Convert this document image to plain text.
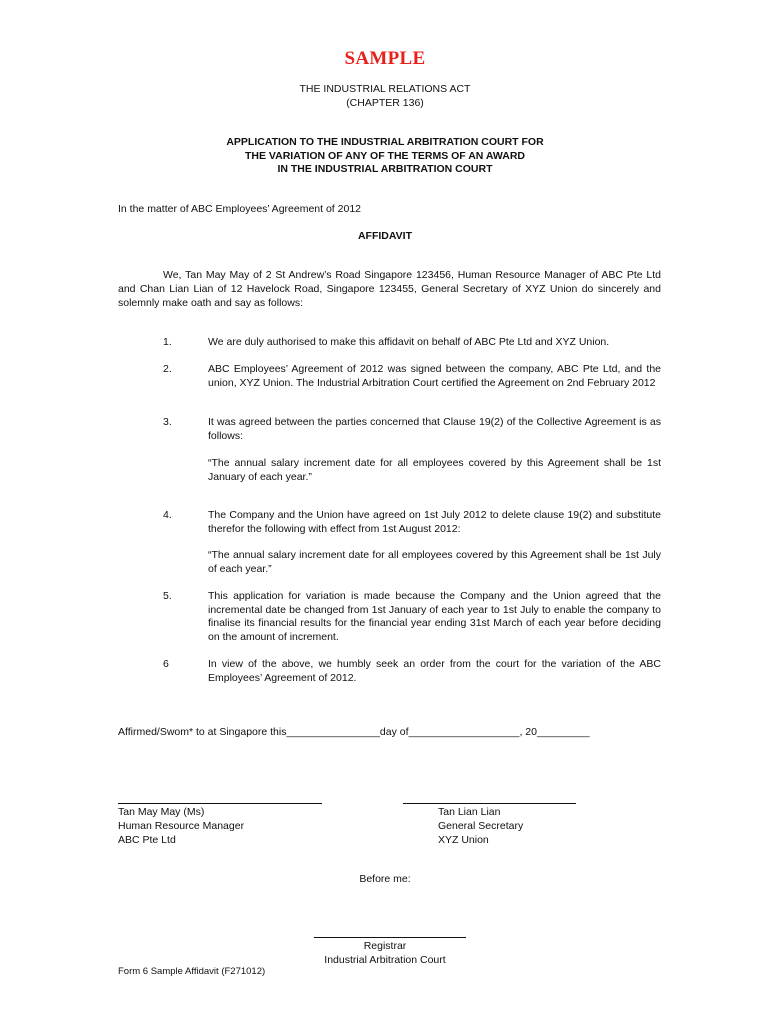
SAMPLE
THE INDUSTRIAL RELATIONS ACT
(CHAPTER 136)
APPLICATION TO THE INDUSTRIAL ARBITRATION COURT FOR
THE VARIATION OF ANY OF THE TERMS OF AN AWARD
IN THE INDUSTRIAL ARBITRATION COURT
In the matter of ABC Employees’ Agreement of 2012
AFFIDAVIT
We, Tan May May of 2 St Andrew’s Road Singapore 123456, Human Resource Manager of ABC Pte Ltd and Chan Lian Lian of 12 Havelock Road, Singapore 123455, General Secretary of XYZ Union do sincerely and solemnly make oath and say as follows:
1.	We are duly authorised to make this affidavit on behalf of ABC Pte Ltd and XYZ Union.
2.	ABC Employees’ Agreement of 2012 was signed between the company, ABC Pte Ltd, and the union, XYZ Union. The Industrial Arbitration Court certified the Agreement on 2nd February 2012
3.	It was agreed between the parties concerned that Clause 19(2) of the Collective Agreement is as follows:
“The annual salary increment date for all employees covered by this Agreement shall be 1st January of each year.”
4.	The Company and the Union have agreed on 1st July 2012 to delete clause 19(2) and substitute therefor the following with effect from 1st August 2012:
“The annual salary increment date for all employees covered by this Agreement shall be 1st July of each year.”
5.	This application for variation is made because the Company and the Union agreed that the incremental date be changed from 1st January of each year to 1st July to enable the company to finalise its financial results for the financial year ending 31st March of each year before deciding on the amount of increment.
6	In view of the above, we humbly seek an order from the court for the variation of the ABC Employees’ Agreement of 2012.
Affirmed/Swom* to at Singapore this________________day of___________________, 20_________
Tan May May (Ms)
Human Resource Manager
ABC Pte Ltd
Tan Lian Lian
General Secretary
XYZ Union
Before me:
Registrar
Industrial Arbitration Court
Form 6 Sample Affidavit (F271012)
